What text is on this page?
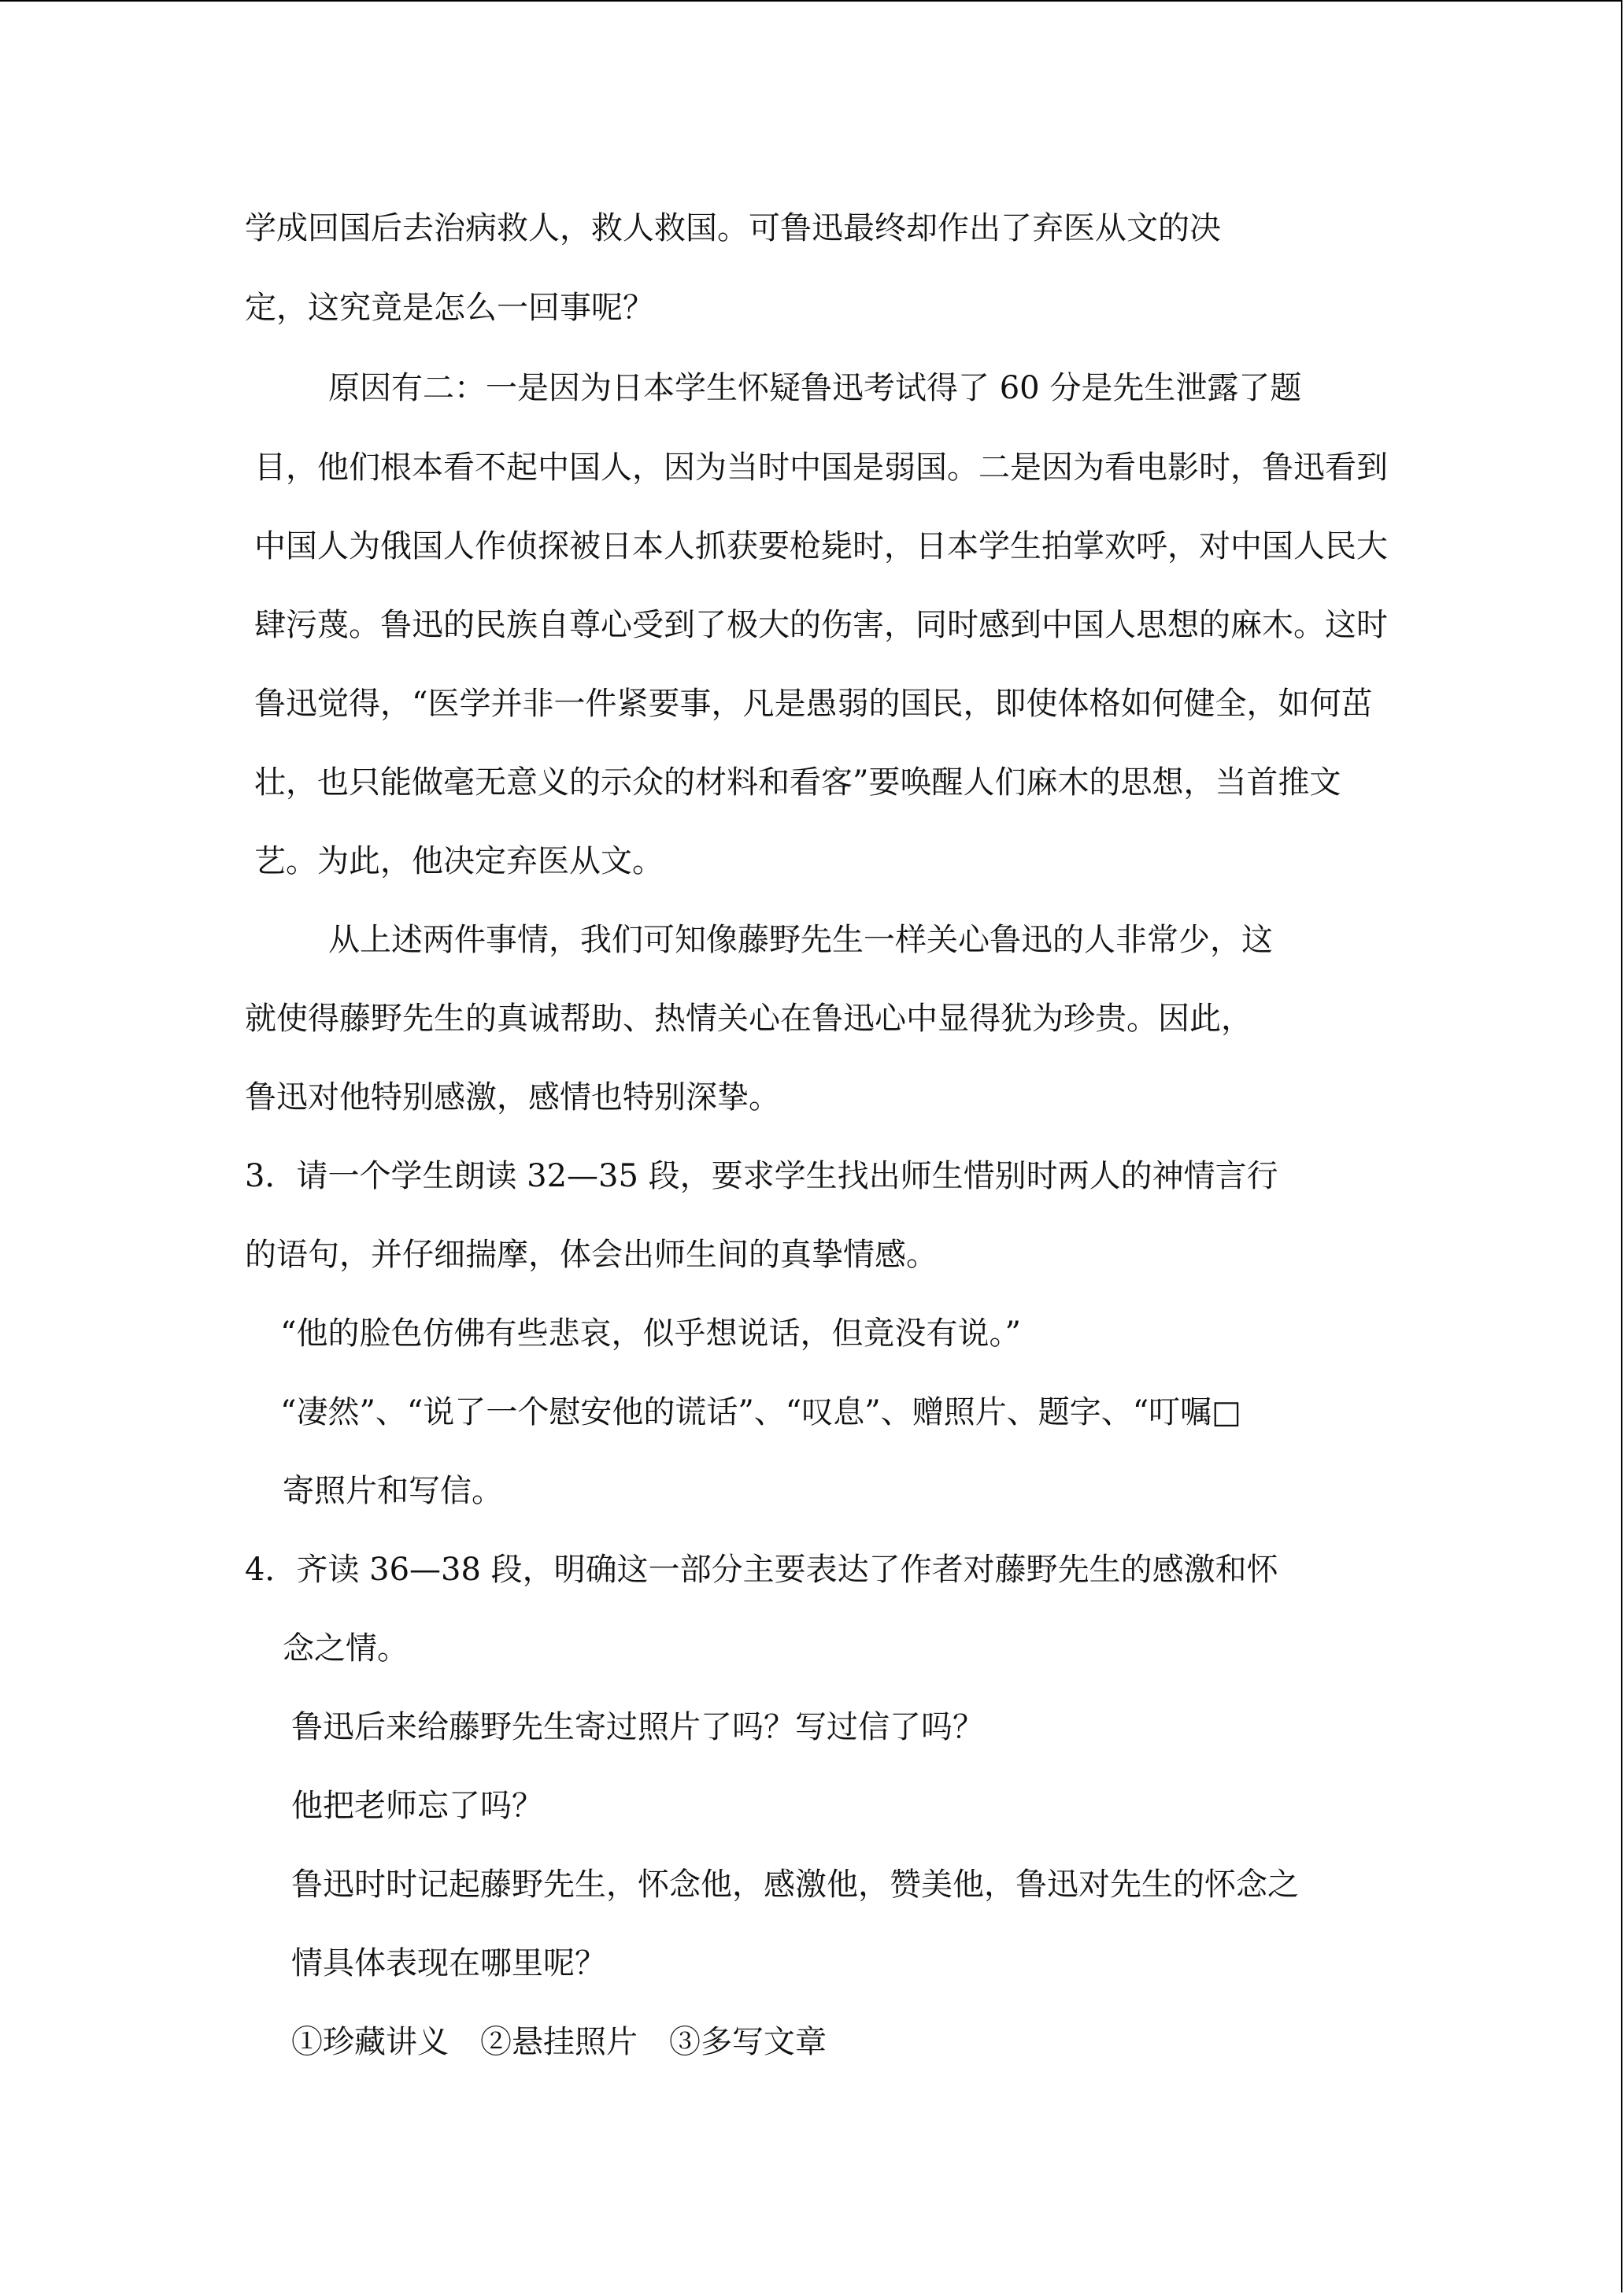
学成回国后去治病救人，救人救国。可鲁迅最终却作出了弃医从文的决
定，这究竟是怎么一回事呢？
原因有二：一是因为日本学生怀疑鲁迅考试得了 60 分是先生泄露了题
目，他们根本看不起中国人，因为当时中国是弱国。二是因为看电影时，鲁迅看到
中国人为俄国人作侦探被日本人抓获要枪毙时，日本学生拍掌欢呼，对中国人民大
肆污蔑。鲁迅的民族自尊心受到了极大的伤害，同时感到中国人思想的麻木。这时
鲁迅觉得，“医学并非一件紧要事，凡是愚弱的国民，即使体格如何健全，如何茁
壮，也只能做毫无意义的示众的材料和看客”要唤醒人们麻木的思想，当首推文
艺。为此，他决定弃医从文。
从上述两件事情，我们可知像藤野先生一样关心鲁迅的人非常少，这
就使得藤野先生的真诚帮助、热情关心在鲁迅心中显得犹为珍贵。因此，
鲁迅对他特别感激，感情也特别深挚。
3．请一个学生朗读 32—35 段，要求学生找出师生惜别时两人的神情言行
的语句，并仔细揣摩，体会出师生间的真挚情感。
“他的脸色仿佛有些悲哀，似乎想说话，但竟没有说。”
“凄然”、“说了一个慰安他的谎话”、“叹息”、赠照片、题字、“叮嘱□
寄照片和写信。
4．齐读 36—38 段，明确这一部分主要表达了作者对藤野先生的感激和怀
念之情。
鲁迅后来给藤野先生寄过照片了吗？写过信了吗？
他把老师忘了吗？
鲁迅时时记起藤野先生，怀念他，感激他，赞美他，鲁迅对先生的怀念之
情具体表现在哪里呢？
①珍藏讲义　②悬挂照片　③多写文章
